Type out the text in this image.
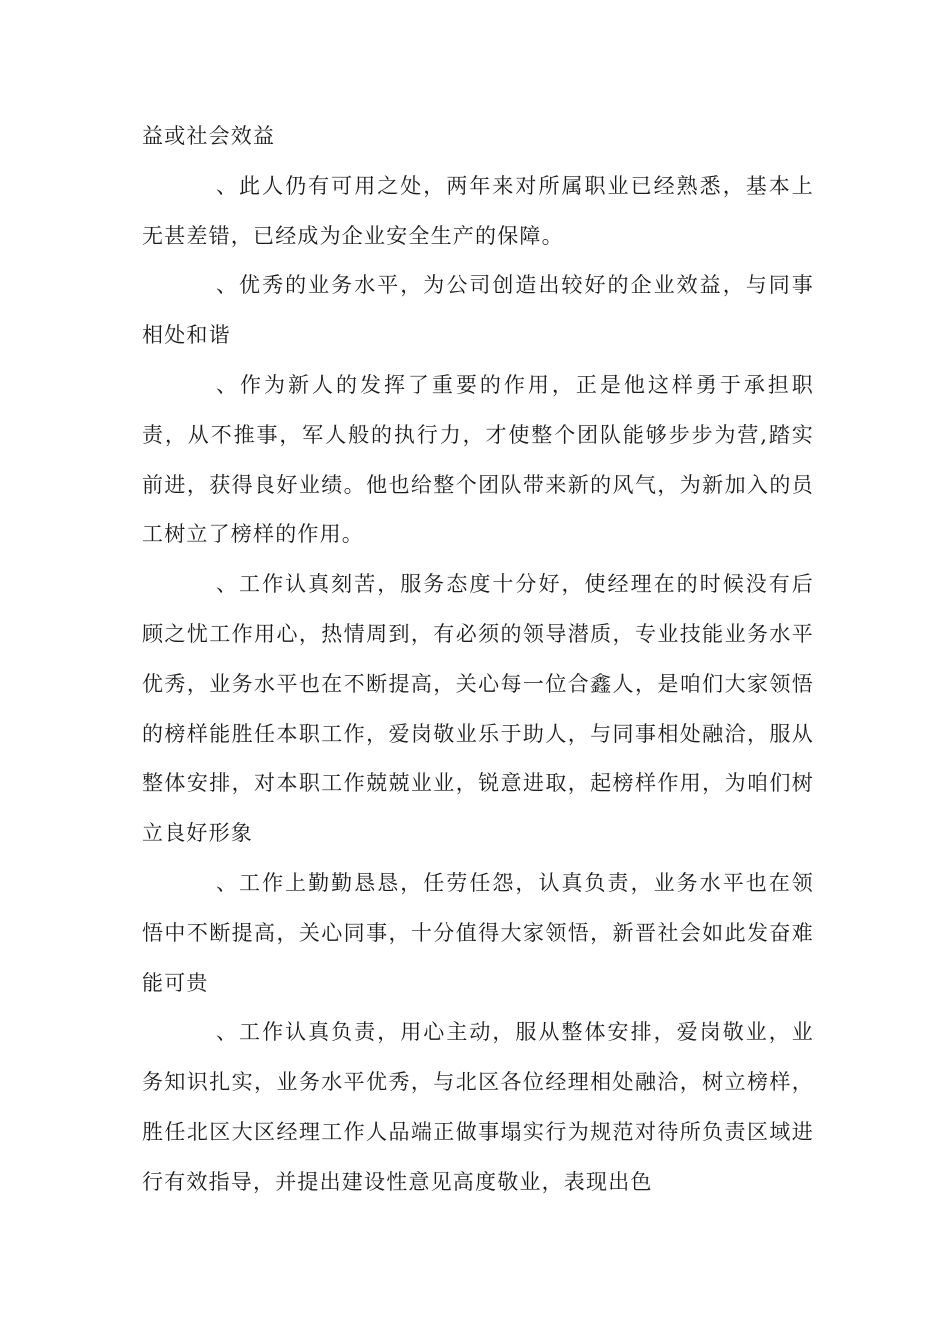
益或社会效益

、此人仍有可用之处，两年来对所属职业已经熟悉，基本上无甚差错，已经成为企业安全生产的保障。

、优秀的业务水平，为公司创造出较好的企业效益，与同事相处和谐

、作为新人的发挥了重要的作用，正是他这样勇于承担职责，从不推事，军人般的执行力，才使整个团队能够步步为营,踏实前进，获得良好业绩。他也给整个团队带来新的风气，为新加入的员工树立了榜样的作用。

、工作认真刻苦，服务态度十分好，使经理在的时候没有后顾之忧工作用心，热情周到，有必须的领导潜质，专业技能业务水平优秀，业务水平也在不断提高，关心每一位合鑫人，是咱们大家领悟的榜样能胜任本职工作，爱岗敬业乐于助人，与同事相处融洽，服从整体安排，对本职工作兢兢业业，锐意进取，起榜样作用，为咱们树立良好形象

、工作上勤勤恳恳，任劳任怨，认真负责，业务水平也在领悟中不断提高，关心同事，十分值得大家领悟，新晋社会如此发奋难能可贵

、工作认真负责，用心主动，服从整体安排，爱岗敬业，业务知识扎实，业务水平优秀，与北区各位经理相处融洽，树立榜样，胜任北区大区经理工作人品端正做事塌实行为规范对待所负责区域进行有效指导，并提出建设性意见高度敬业，表现出色
